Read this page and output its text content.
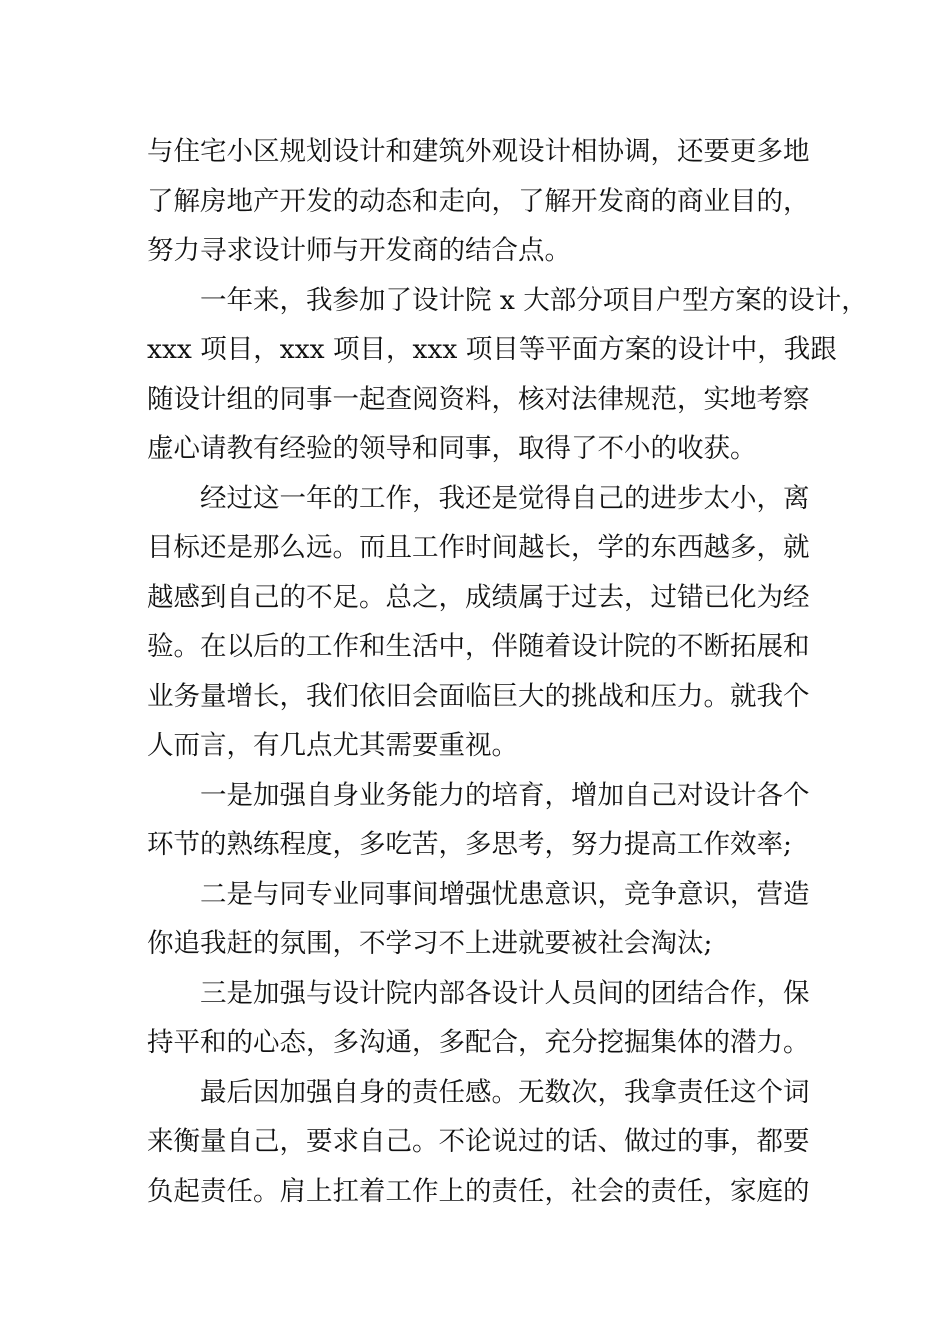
与住宅小区规划设计和建筑外观设计相协调，还要更多地
了解房地产开发的动态和走向，了解开发商的商业目的，
努力寻求设计师与开发商的结合点。
一年来，我参加了设计院 x 大部分项目户型方案的设计，
xxx 项目，xxx 项目，xxx 项目等平面方案的设计中，我跟
随设计组的同事一起查阅资料，核对法律规范，实地考察
虚心请教有经验的领导和同事，取得了不小的收获。
经过这一年的工作，我还是觉得自己的进步太小，离
目标还是那么远。而且工作时间越长，学的东西越多，就
越感到自己的不足。总之，成绩属于过去，过错已化为经
验。在以后的工作和生活中，伴随着设计院的不断拓展和
业务量增长，我们依旧会面临巨大的挑战和压力。就我个
人而言，有几点尤其需要重视。
一是加强自身业务能力的培育，增加自己对设计各个
环节的熟练程度，多吃苦，多思考，努力提高工作效率;
二是与同专业同事间增强忧患意识，竞争意识，营造
你追我赶的氛围，不学习不上进就要被社会淘汰;
三是加强与设计院内部各设计人员间的团结合作，保
持平和的心态，多沟通，多配合，充分挖掘集体的潜力。
最后因加强自身的责任感。无数次，我拿责任这个词
来衡量自己，要求自己。不论说过的话、做过的事，都要
负起责任。肩上扛着工作上的责任，社会的责任，家庭的
